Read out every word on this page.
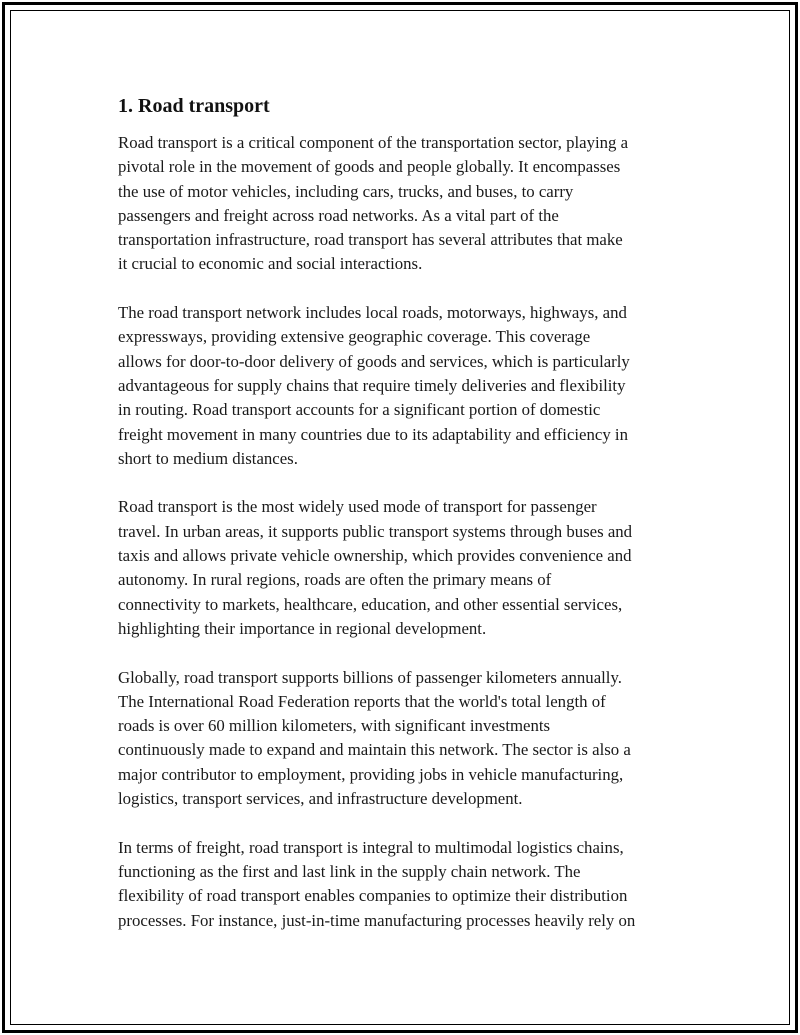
1. Road transport

Road transport is a critical component of the transportation sector, playing a
pivotal role in the movement of goods and people globally. It encompasses
the use of motor vehicles, including cars, trucks, and buses, to carry
passengers and freight across road networks. As a vital part of the
transportation infrastructure, road transport has several attributes that make
it crucial to economic and social interactions.

The road transport network includes local roads, motorways, highways, and
expressways, providing extensive geographic coverage. This coverage
allows for door-to-door delivery of goods and services, which is particularly
advantageous for supply chains that require timely deliveries and flexibility
in routing. Road transport accounts for a significant portion of domestic
freight movement in many countries due to its adaptability and efficiency in
short to medium distances.

Road transport is the most widely used mode of transport for passenger
travel. In urban areas, it supports public transport systems through buses and
taxis and allows private vehicle ownership, which provides convenience and
autonomy. In rural regions, roads are often the primary means of
connectivity to markets, healthcare, education, and other essential services,
highlighting their importance in regional development.

Globally, road transport supports billions of passenger kilometers annually.
The International Road Federation reports that the world's total length of
roads is over 60 million kilometers, with significant investments
continuously made to expand and maintain this network. The sector is also a
major contributor to employment, providing jobs in vehicle manufacturing,
logistics, transport services, and infrastructure development.

In terms of freight, road transport is integral to multimodal logistics chains,
functioning as the first and last link in the supply chain network. The
flexibility of road transport enables companies to optimize their distribution
processes. For instance, just-in-time manufacturing processes heavily rely on
